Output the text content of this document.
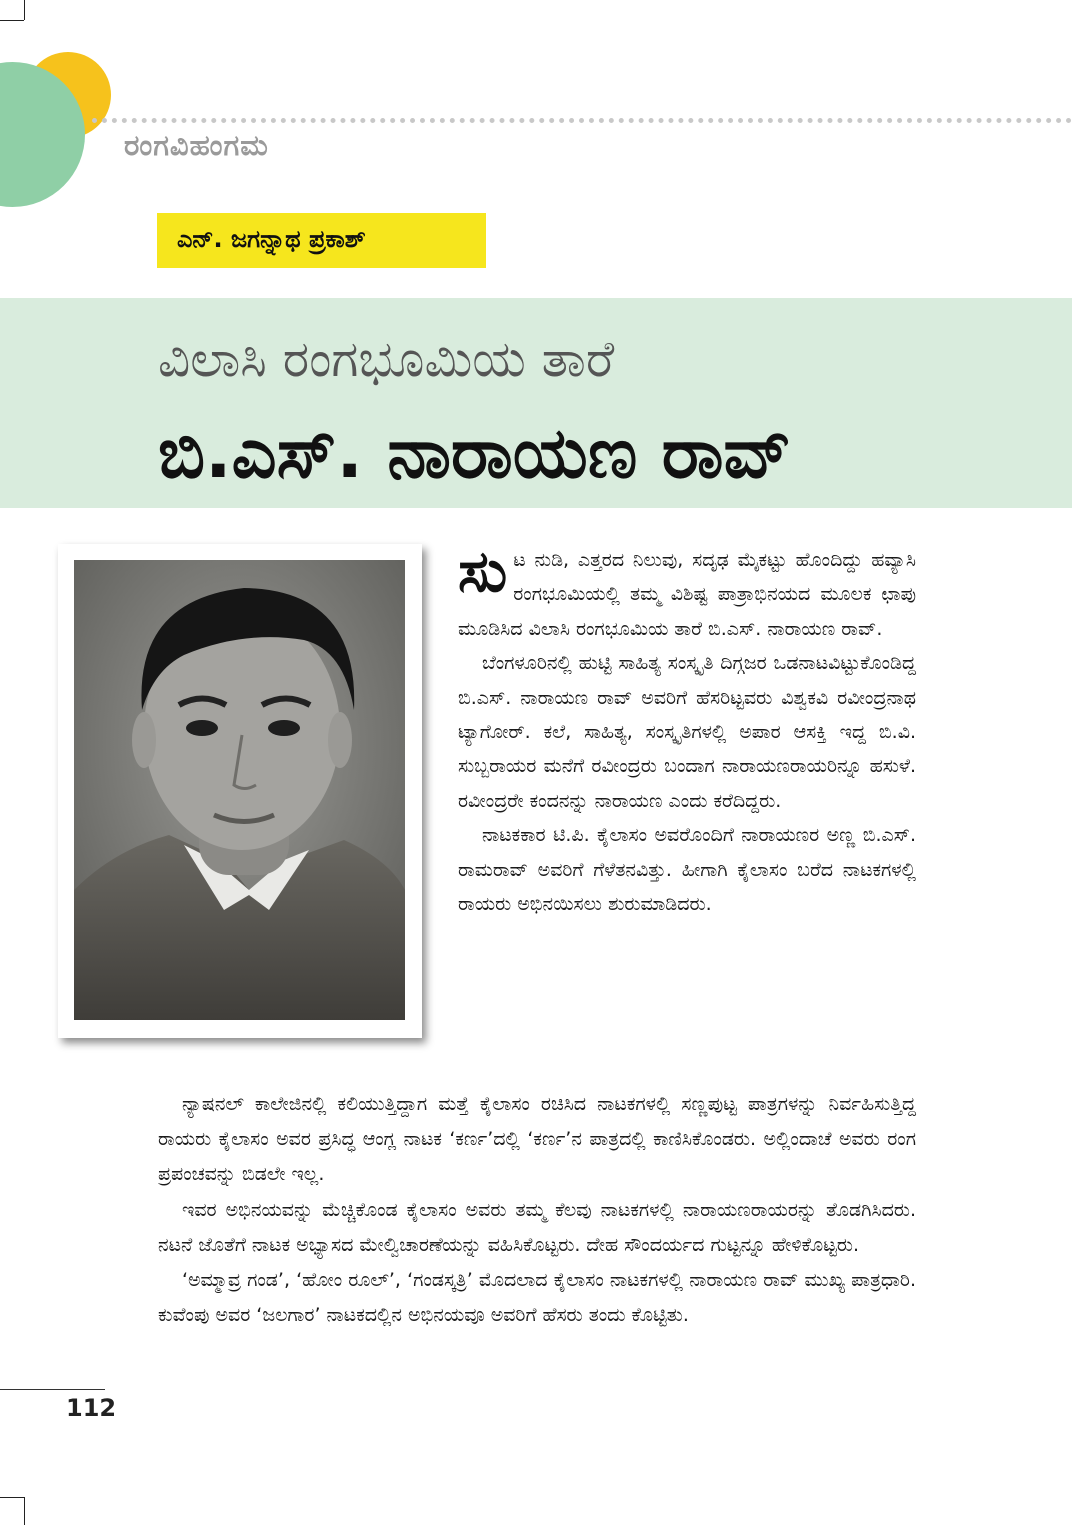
ರಂಗವಿಹಂಗಮ
ಎನ್. ಜಗನ್ನಾಥ ಪ್ರಕಾಶ್
ವಿಲಾಸಿ ರಂಗಭೂಮಿಯ ತಾರೆ
ಬಿ.ಎಸ್. ನಾರಾಯಣ ರಾವ್

ಸುಟ ನುಡಿ, ಎತ್ತರದ ನಿಲುವು, ಸದೃಢ ಮೈಕಟ್ಟು ಹೊಂದಿದ್ದು ಹವ್ಯಾಸಿ ರಂಗಭೂಮಿಯಲ್ಲಿ ತಮ್ಮ ವಿಶಿಷ್ಟ ಪಾತ್ರಾಭಿನಯದ ಮೂಲಕ ಛಾಪು ಮೂಡಿಸಿದ ವಿಲಾಸಿ ರಂಗಭೂಮಿಯ ತಾರೆ ಬಿ.ಎಸ್. ನಾರಾಯಣ ರಾವ್.

ಬೆಂಗಳೂರಿನಲ್ಲಿ ಹುಟ್ಟಿ ಸಾಹಿತ್ಯ ಸಂಸ್ಕೃತಿ ದಿಗ್ಗಜರ ಒಡನಾಟವಿಟ್ಟುಕೊಂಡಿದ್ದ ಬಿ.ಎಸ್. ನಾರಾಯಣ ರಾವ್ ಅವರಿಗೆ ಹೆಸರಿಟ್ಟವರು ವಿಶ್ವಕವಿ ರವೀಂದ್ರನಾಥ ಟ್ಯಾಗೋರ್. ಕಲೆ, ಸಾಹಿತ್ಯ, ಸಂಸ್ಕೃತಿಗಳಲ್ಲಿ ಅಪಾರ ಆಸಕ್ತಿ ಇದ್ದ ಬಿ.ವಿ. ಸುಬ್ಬರಾಯರ ಮನೆಗೆ ರವೀಂದ್ರರು ಬಂದಾಗ ನಾರಾಯಣರಾಯರಿನ್ನೂ ಹಸುಳೆ. ರವೀಂದ್ರರೇ ಕಂದನನ್ನು ನಾರಾಯಣ ಎಂದು ಕರೆದಿದ್ದರು.

ನಾಟಕಕಾರ ಟಿ.ಪಿ. ಕೈಲಾಸಂ ಅವರೊಂದಿಗೆ ನಾರಾಯಣರ ಅಣ್ಣ ಬಿ.ಎಸ್. ರಾಮರಾವ್ ಅವರಿಗೆ ಗೆಳೆತನವಿತ್ತು. ಹೀಗಾಗಿ ಕೈಲಾಸಂ ಬರೆದ ನಾಟಕಗಳಲ್ಲಿ ರಾಯರು ಅಭಿನಯಿಸಲು ಶುರುಮಾಡಿದರು.

ನ್ಯಾಷನಲ್ ಕಾಲೇಜಿನಲ್ಲಿ ಕಲಿಯುತ್ತಿದ್ದಾಗ ಮತ್ತೆ ಕೈಲಾಸಂ ರಚಿಸಿದ ನಾಟಕಗಳಲ್ಲಿ ಸಣ್ಣಪುಟ್ಟ ಪಾತ್ರಗಳನ್ನು ನಿರ್ವಹಿಸುತ್ತಿದ್ದ ರಾಯರು ಕೈಲಾಸಂ ಅವರ ಪ್ರಸಿದ್ಧ ಆಂಗ್ಲ ನಾಟಕ ‘ಕರ್ಣ’ದಲ್ಲಿ ‘ಕರ್ಣ’ನ ಪಾತ್ರದಲ್ಲಿ ಕಾಣಿಸಿಕೊಂಡರು. ಅಲ್ಲಿಂದಾಚೆ ಅವರು ರಂಗ ಪ್ರಪಂಚವನ್ನು ಬಿಡಲೇ ಇಲ್ಲ.

ಇವರ ಅಭಿನಯವನ್ನು ಮೆಚ್ಚಿಕೊಂಡ ಕೈಲಾಸಂ ಅವರು ತಮ್ಮ ಕೆಲವು ನಾಟಕಗಳಲ್ಲಿ ನಾರಾಯಣರಾಯರನ್ನು ತೊಡಗಿಸಿದರು. ನಟನೆ ಜೊತೆಗೆ ನಾಟಕ ಅಭ್ಯಾಸದ ಮೇಲ್ವಿಚಾರಣೆಯನ್ನು ವಹಿಸಿಕೊಟ್ಟರು. ದೇಹ ಸೌಂದರ್ಯದ ಗುಟ್ಟನ್ನೂ ಹೇಳಿಕೊಟ್ಟರು.

‘ಅಮ್ಮಾವ್ರ ಗಂಡ’, ‘ಹೋಂ ರೂಲ್’, ‘ಗಂಡಸ್ಕತ್ರಿ’ ಮೊದಲಾದ ಕೈಲಾಸಂ ನಾಟಕಗಳಲ್ಲಿ ನಾರಾಯಣ ರಾವ್ ಮುಖ್ಯ ಪಾತ್ರಧಾರಿ. ಕುವೆಂಪು ಅವರ ‘ಜಲಗಾರ’ ನಾಟಕದಲ್ಲಿನ ಅಭಿನಯವೂ ಅವರಿಗೆ ಹೆಸರು ತಂದು ಕೊಟ್ಟಿತು.

112
